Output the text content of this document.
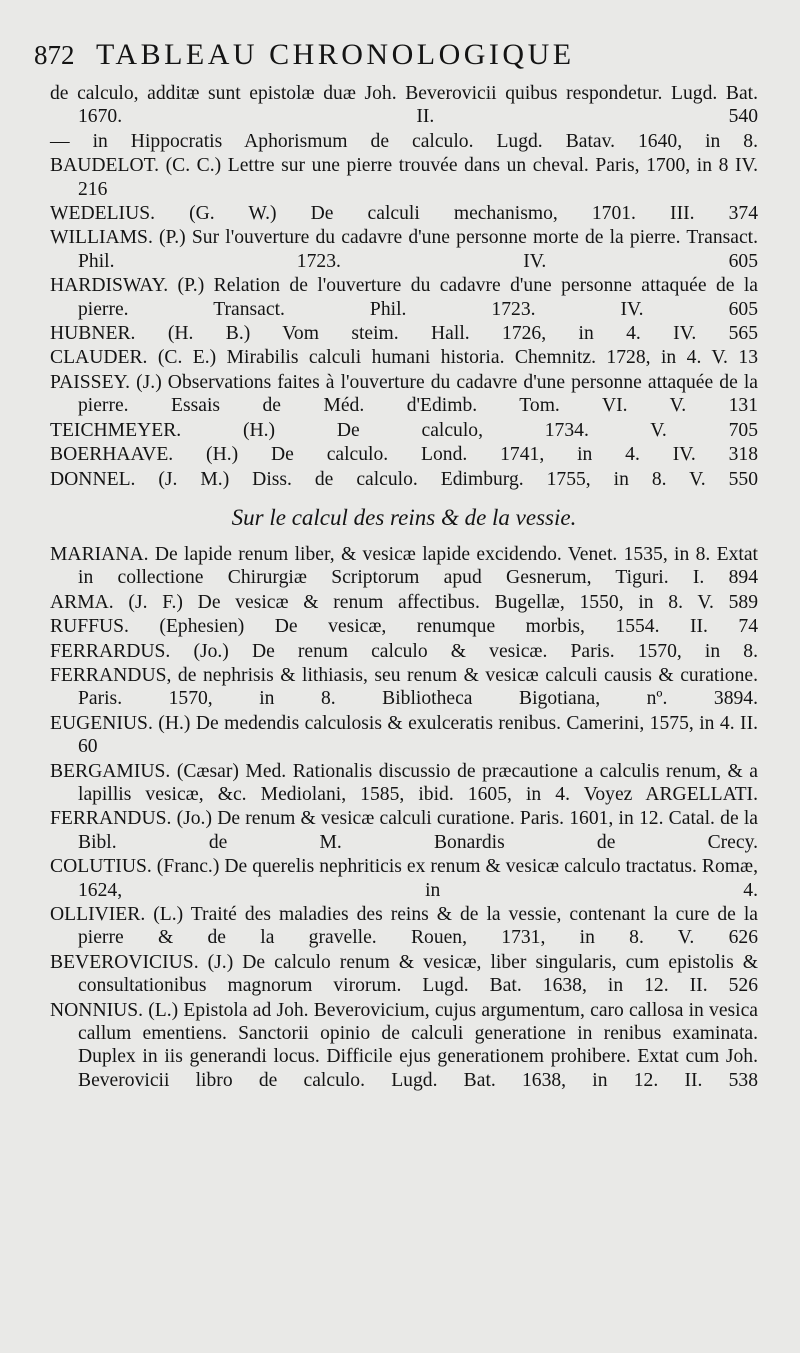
872 TABLEAU CHRONOLOGIQUE

de calculo, additæ sunt epistolæ duæ Joh. Beverovicii quibus respondetur. Lugd. Bat. 1670. II. 540

— in Hippocratis Aphorismum de calculo. Lugd. Batav. 1640, in 8.

BAUDELOT. (C. C.) Lettre sur une pierre trouvée dans un cheval. Paris, 1700, in 8 IV. 216

WEDELIUS. (G. W.) De calculi mechanismo, 1701. III. 374

WILLIAMS. (P.) Sur l'ouverture du cadavre d'une personne morte de la pierre. Transact. Phil. 1723. IV. 605

HARDISWAY. (P.) Relation de l'ouverture du cadavre d'une personne attaquée de la pierre. Transact. Phil. 1723. IV. 605

HUBNER. (H. B.) Vom steim. Hall. 1726, in 4. IV. 565

CLAUDER. (C. E.) Mirabilis calculi humani historia. Chemnitz. 1728, in 4. V. 13

PAISSEY. (J.) Observations faites à l'ouverture du cadavre d'une personne attaquée de la pierre. Essais de Méd. d'Edimb. Tom. VI. V. 131

TEICHMEYER. (H.) De calculo, 1734. V. 705

BOERHAAVE. (H.) De calculo. Lond. 1741, in 4. IV. 318

DONNEL. (J. M.) Diss. de calculo. Edimburg. 1755, in 8. V. 550

Sur le calcul des reins & de la vessie.

MARIANA. De lapide renum liber, & vesicæ lapide excidendo. Venet. 1535, in 8. Extat in collectione Chirurgiæ Scriptorum apud Gesnerum, Tiguri. I. 894

ARMA. (J. F.) De vesicæ & renum affectibus. Bugellæ, 1550, in 8. V. 589

RUFFUS. (Ephesien) De vesicæ, renumque morbis, 1554. II. 74

FERRARDUS. (Jo.) De renum calculo & vesicæ. Paris. 1570, in 8.

FERRANDUS, de nephrisis & lithiasis, seu renum & vesicæ calculi causis & curatione. Paris. 1570, in 8. Bibliotheca Bigotiana, nº. 3894.

EUGENIUS. (H.) De medendis calculosis & exulceratis renibus. Camerini, 1575, in 4. II. 60

BERGAMIUS. (Cæsar) Med. Rationalis discussio de præcautione a calculis renum, & a lapillis vesicæ, &c. Mediolani, 1585, ibid. 1605, in 4. Voyez ARGELLATI.

FERRANDUS. (Jo.) De renum & vesicæ calculi curatione. Paris. 1601, in 12. Catal. de la Bibl. de M. Bonardis de Crecy.

COLUTIUS. (Franc.) De querelis nephriticis ex renum & vesicæ calculo tractatus. Romæ, 1624, in 4.

OLLIVIER. (L.) Traité des maladies des reins & de la vessie, contenant la cure de la pierre & de la gravelle. Rouen, 1731, in 8. V. 626

BEVEROVICIUS. (J.) De calculo renum & vesicæ, liber singularis, cum epistolis & consultationibus magnorum virorum. Lugd. Bat. 1638, in 12. II. 526

NONNIUS. (L.) Epistola ad Joh. Beverovicium, cujus argumentum, caro callosa in vesica callum ementiens. Sanctorii opinio de calculi generatione in renibus examinata. Duplex in iis generandi locus. Difficile ejus generationem prohibere. Extat cum Joh. Beverovicii libro de calculo. Lugd. Bat. 1638, in 12. II. 538
